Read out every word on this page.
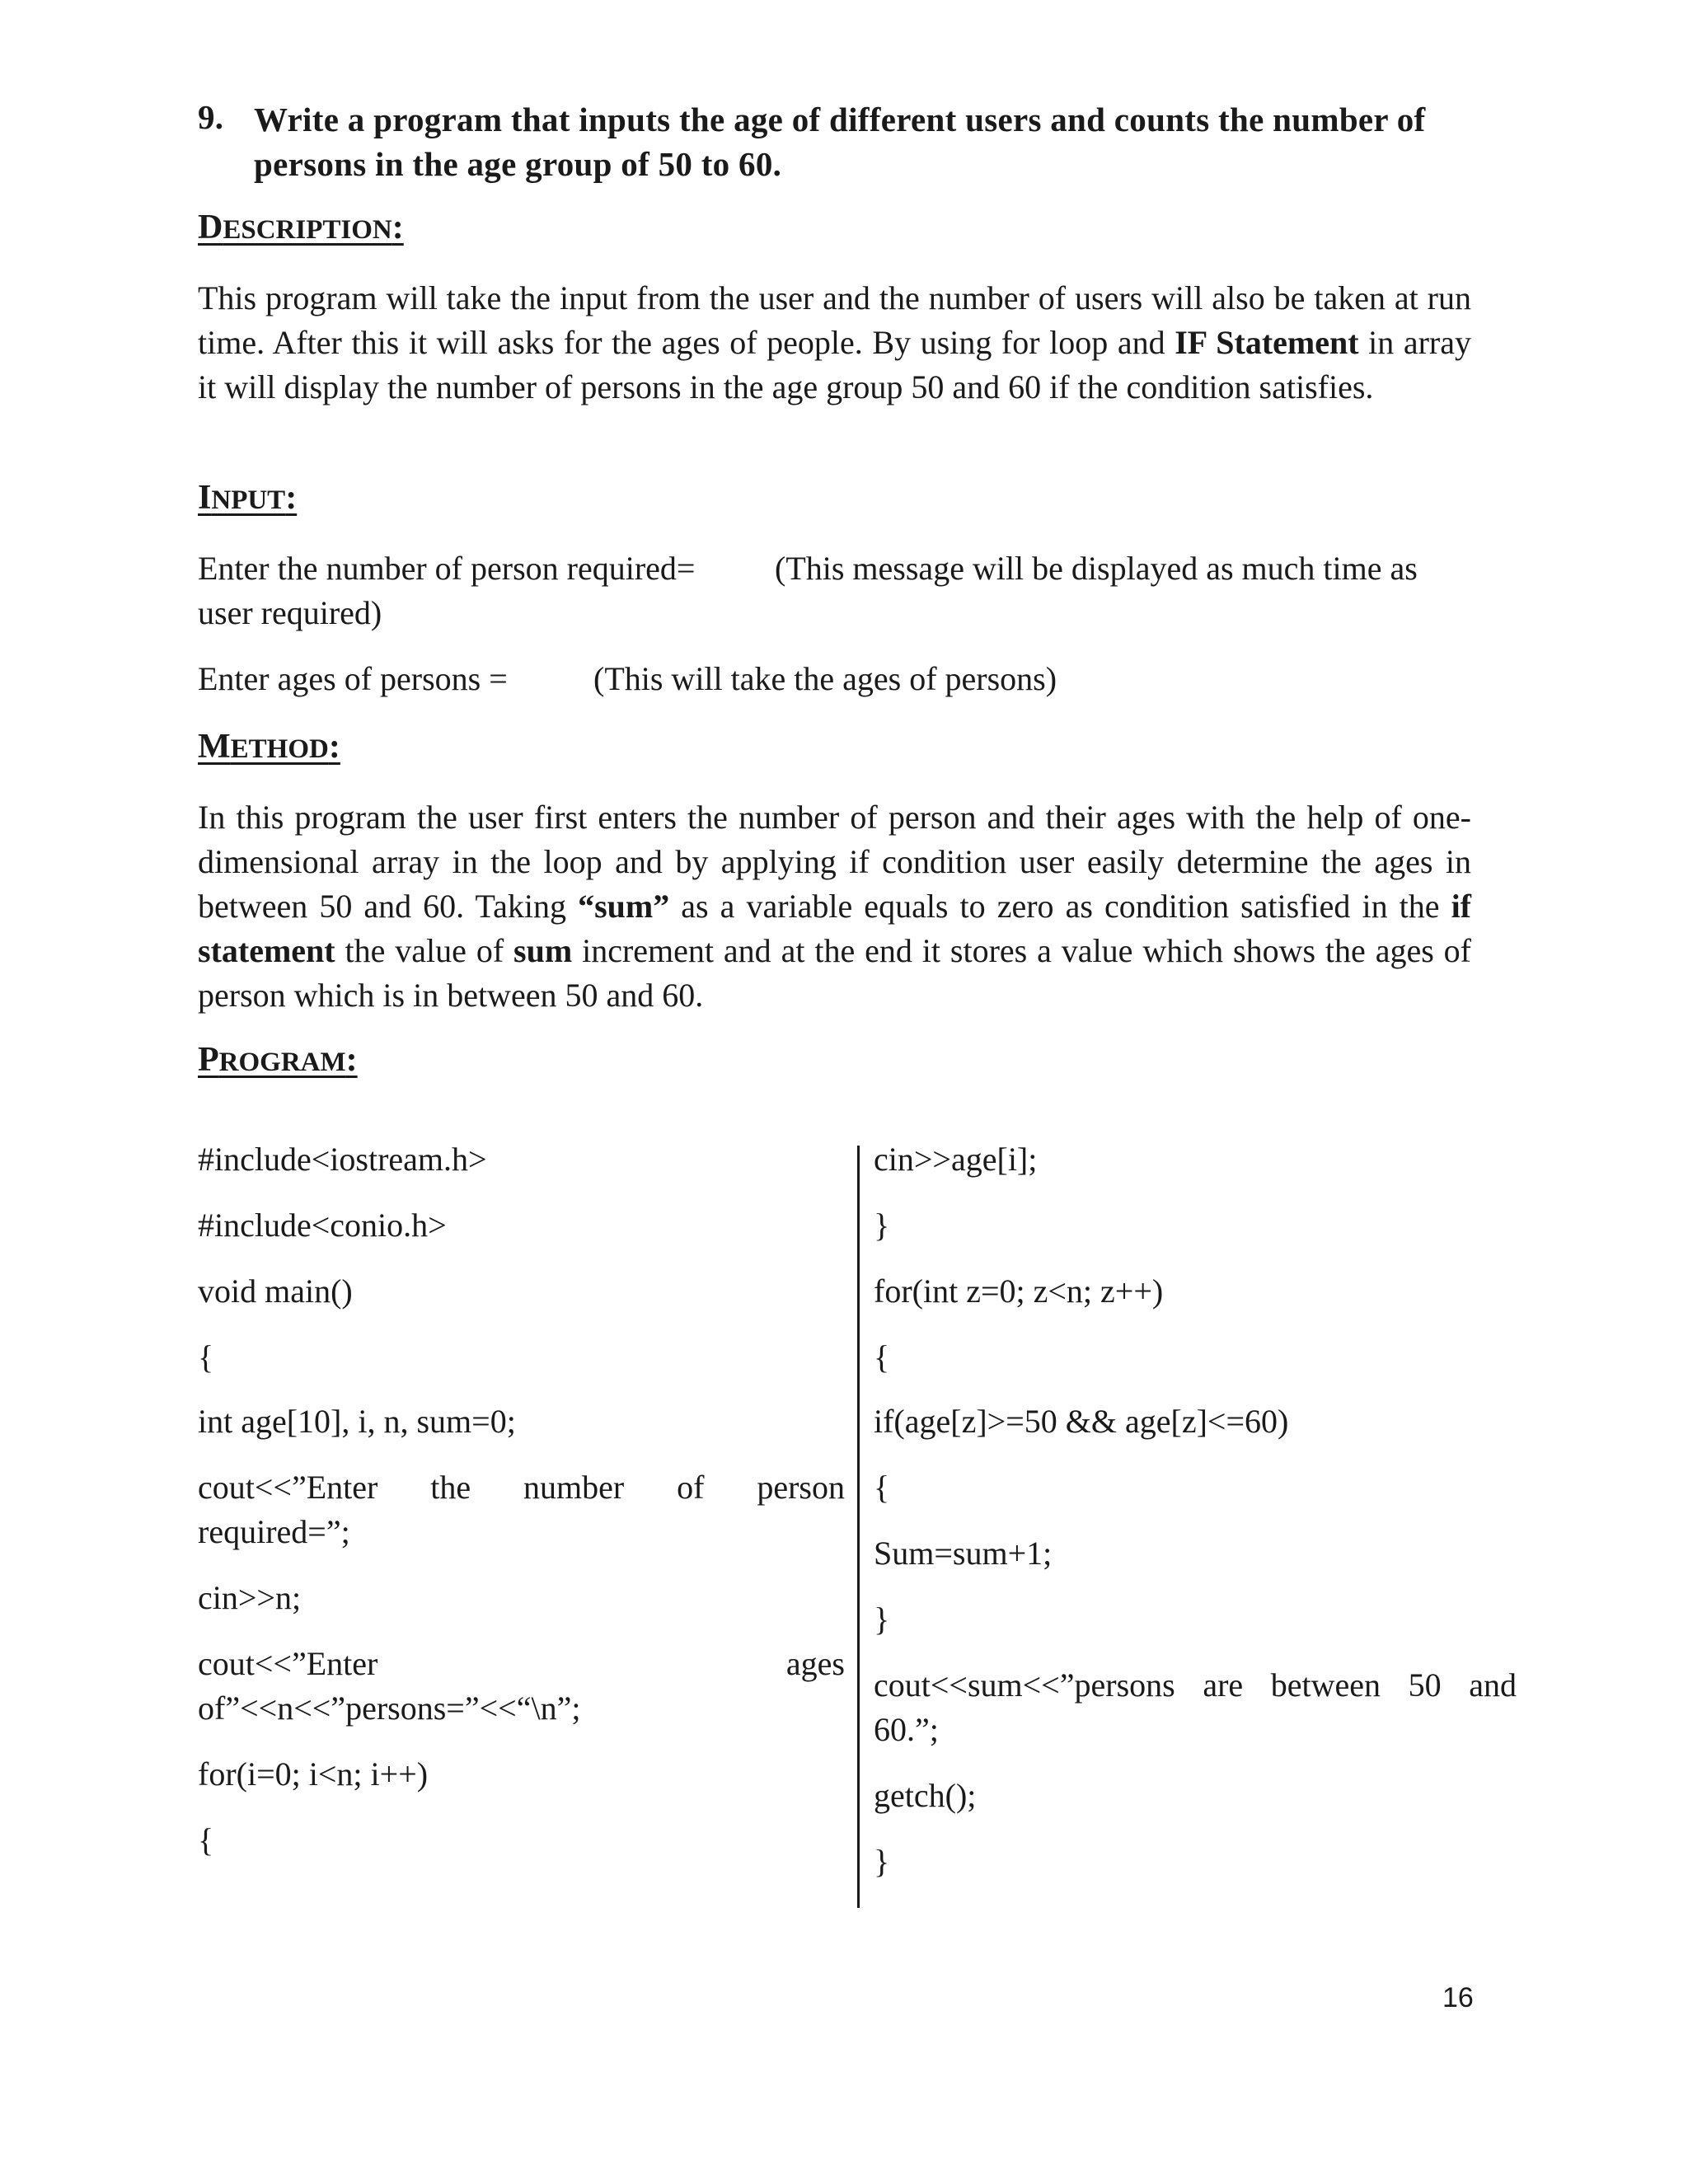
9. Write a program that inputs the age of different users and counts the number of persons in the age group of 50 to 60.
DESCRIPTION:
This program will take the input from the user and the number of users will also be taken at run time. After this it will asks for the ages of people. By using for loop and IF Statement in array it will display the number of persons in the age group 50 and 60 if the condition satisfies.
INPUT:
Enter the number of person required= (This message will be displayed as much time as
user required)
Enter ages of persons =	(This will take the ages of persons)
METHOD:
In this program the user first enters the number of person and their ages with the help of one-dimensional array in the loop and by applying if condition user easily determine the ages in between 50 and 60. Taking “sum” as a variable equals to zero as condition satisfied in the if statement the value of sum increment and at the end it stores a value which shows the ages of person which is in between 50 and 60.
PROGRAM:
#include<iostream.h>
#include<conio.h>
void main()
{
int age[10], i, n, sum=0;
cout<<”Enter the number of person
required=”;
cin>>n;
cout<<”Enter ages
of”<<n<<”persons=”<<“\n”;
for(i=0; i<n; i++)
{
cin>>age[i];
}
for(int z=0; z<n; z++)
{
if(age[z]>=50 && age[z]<=60)
{
Sum=sum+1;
}
cout<<sum<<”persons are between 50 and
60.”;
getch();
}
16
